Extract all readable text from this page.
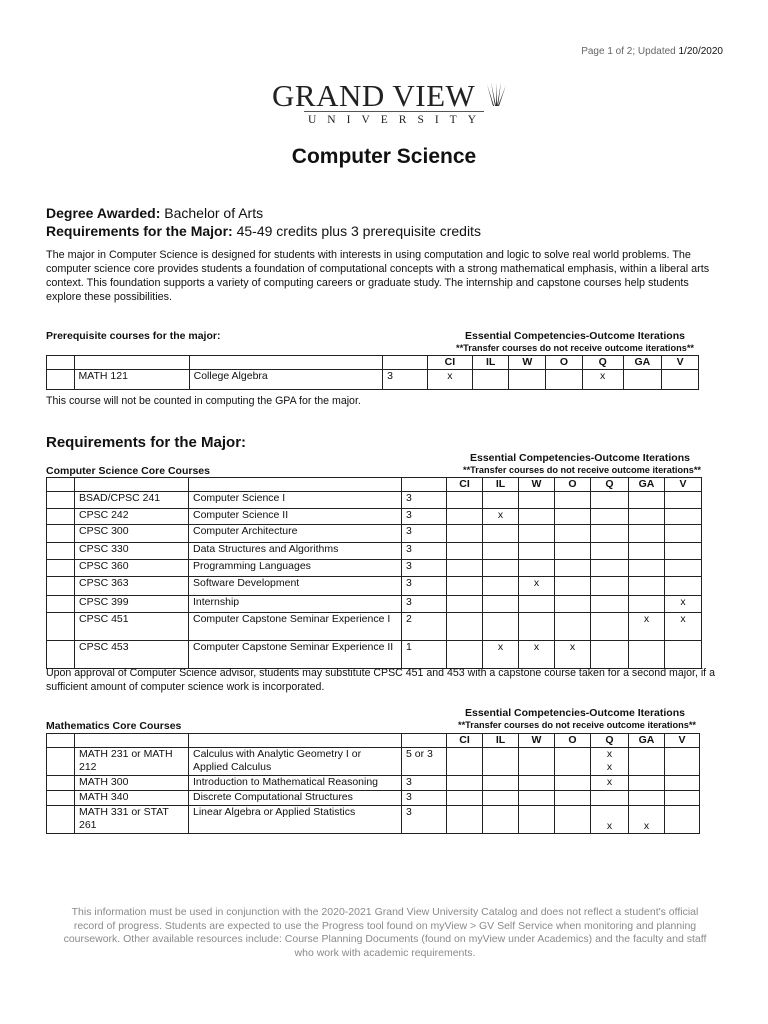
Page 1 of 2; Updated 1/20/2020
GRAND VIEW
UNIVERSITY
Computer Science
Degree Awarded: Bachelor of Arts
Requirements for the Major: 45-49 credits plus 3 prerequisite credits
The major in Computer Science is designed for students with interests in using computation and logic to solve real world problems. The computer science core provides students a foundation of computational concepts with a strong mathematical emphasis, within a liberal arts context. This foundation supports a variety of computing careers or graduate study. The internship and capstone courses help students explore these possibilities.
Prerequisite courses for the major:	Essential Competencies-Outcome Iterations
**Transfer courses do not receive outcome iterations**
				CI	IL	W	O	Q	GA	V
	MATH 121	College Algebra	3	x				x		
This course will not be counted in computing the GPA for the major.
Requirements for the Major:
Essential Competencies-Outcome Iterations
Computer Science Core Courses	**Transfer courses do not receive outcome iterations**
				CI	IL	W	O	Q	GA	V
	BSAD/CPSC 241	Computer Science I	3							
	CPSC 242	Computer Science II	3		x					
	CPSC 300	Computer Architecture	3							
	CPSC 330	Data Structures and Algorithms	3							
	CPSC 360	Programming Languages	3							
	CPSC 363	Software Development	3			x				
	CPSC 399	Internship	3							x
	CPSC 451	Computer Capstone Seminar Experience I	2						x	x
	CPSC 453	Computer Capstone Seminar Experience II	1		x	x	x			
Upon approval of Computer Science advisor, students may substitute CPSC 451 and 453 with a capstone course taken for a second major, if a sufficient amount of computer science work is incorporated.
Essential Competencies-Outcome Iterations
Mathematics Core Courses	**Transfer courses do not receive outcome iterations**
				CI	IL	W	O	Q	GA	V
	MATH 231 or MATH 212	Calculus with Analytic Geometry I or Applied Calculus	5 or 3					x
x		
	MATH 300	Introduction to Mathematical Reasoning	3					x		
	MATH 340	Discrete Computational Structures	3							
	MATH 331 or STAT 261	Linear Algebra or Applied Statistics	3					x	x	
This information must be used in conjunction with the 2020-2021 Grand View University Catalog and does not reflect a student's official record of progress. Students are expected to use the Progress tool found on myView > GV Self Service when monitoring and planning coursework. Other available resources include: Course Planning Documents (found on myView under Academics) and the faculty and staff who work with academic requirements.
